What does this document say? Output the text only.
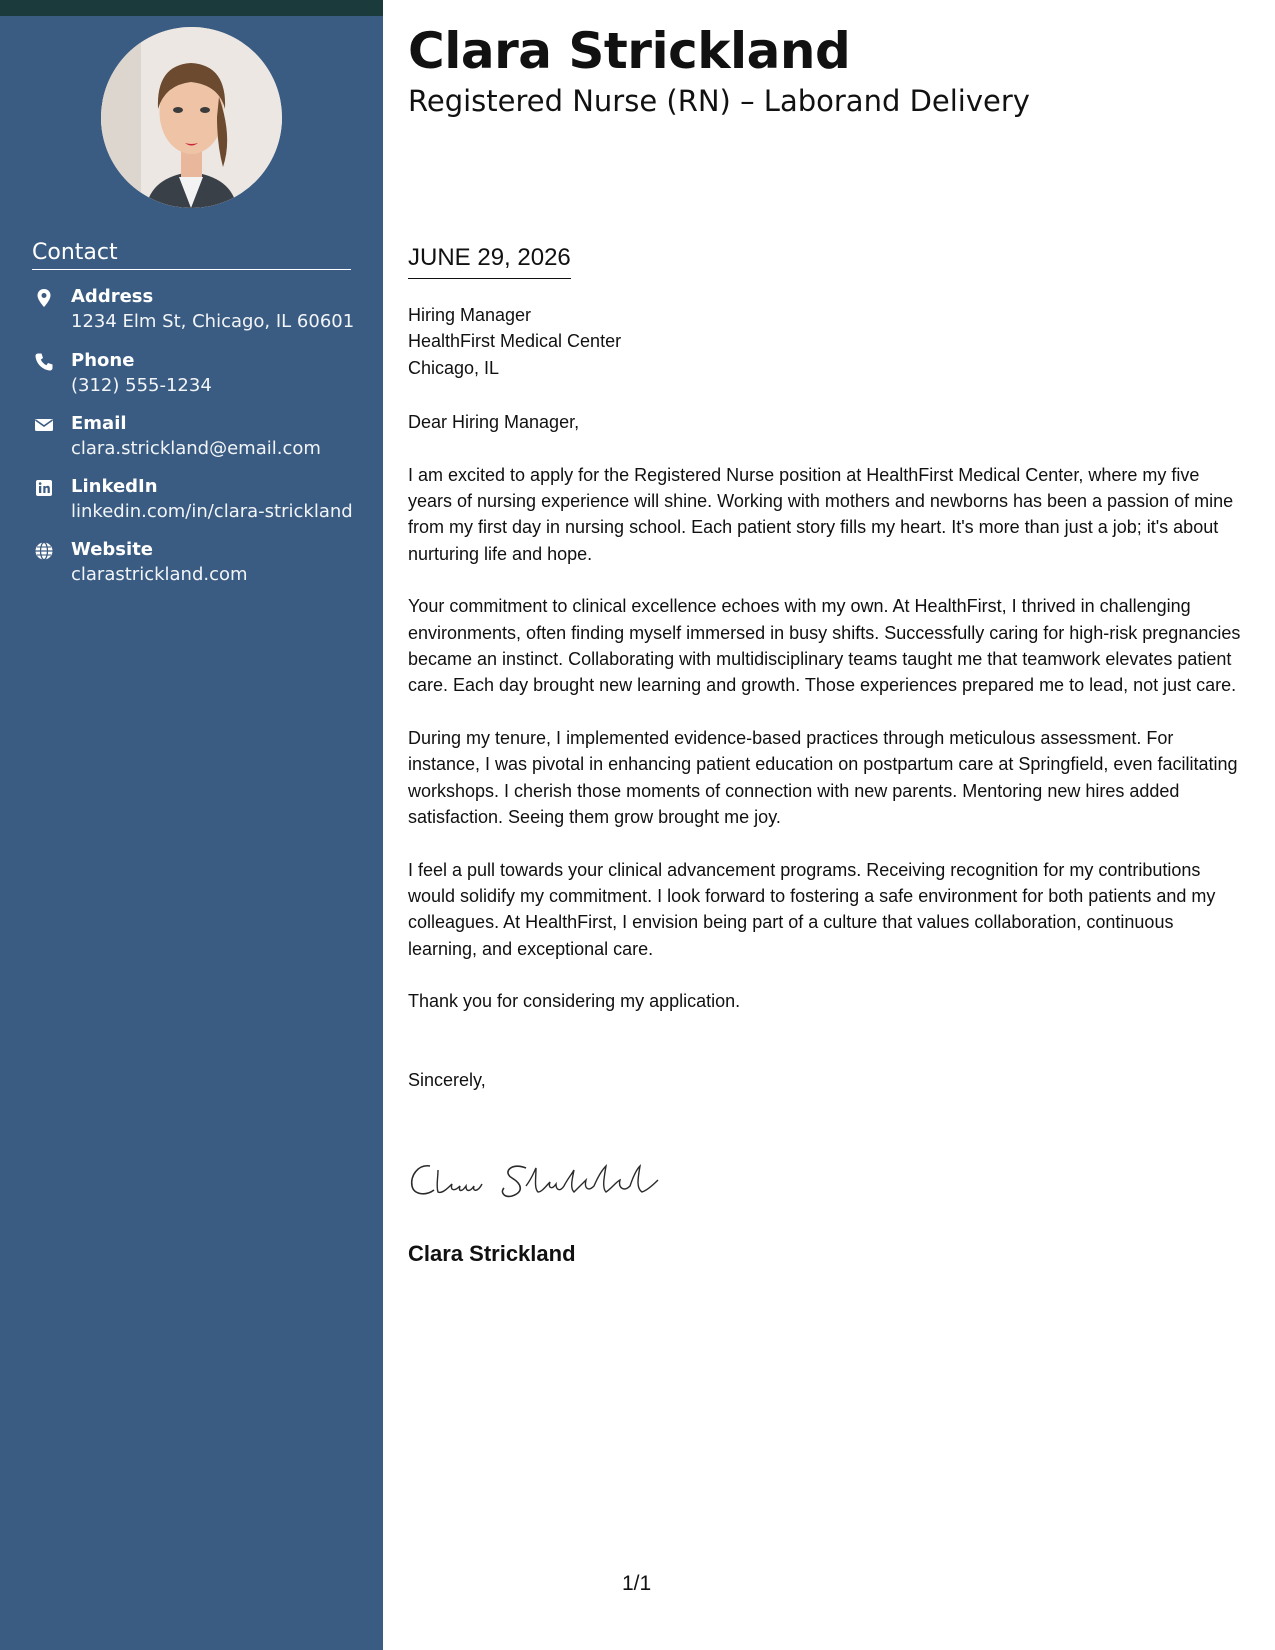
Contact
Address
1234 Elm St, Chicago, IL 60601
Phone
(312) 555-1234
Email
clara.strickland@email.com
LinkedIn
linkedin.com/in/clara-strickland
Website
clarastrickland.com
Clara Strickland
Registered Nurse (RN) – Laborand Delivery
JUNE 29, 2026
Hiring Manager
HealthFirst Medical Center
Chicago, IL

Dear Hiring Manager,

I am excited to apply for the Registered Nurse position at HealthFirst Medical Center, where my five years of nursing experience will shine. Working with mothers and newborns has been a passion of mine from my first day in nursing school. Each patient story fills my heart. It's more than just a job; it's about nurturing life and hope.

Your commitment to clinical excellence echoes with my own. At HealthFirst, I thrived in challenging environments, often finding myself immersed in busy shifts. Successfully caring for high-risk pregnancies became an instinct. Collaborating with multidisciplinary teams taught me that teamwork elevates patient care. Each day brought new learning and growth. Those experiences prepared me to lead, not just care.

During my tenure, I implemented evidence-based practices through meticulous assessment. For instance, I was pivotal in enhancing patient education on postpartum care at Springfield, even facilitating workshops. I cherish those moments of connection with new parents. Mentoring new hires added satisfaction. Seeing them grow brought me joy.

I feel a pull towards your clinical advancement programs. Receiving recognition for my contributions would solidify my commitment. I look forward to fostering a safe environment for both patients and my colleagues. At HealthFirst, I envision being part of a culture that values collaboration, continuous learning, and exceptional care.

Thank you for considering my application.

Sincerely,

Clara Strickland
1/1
